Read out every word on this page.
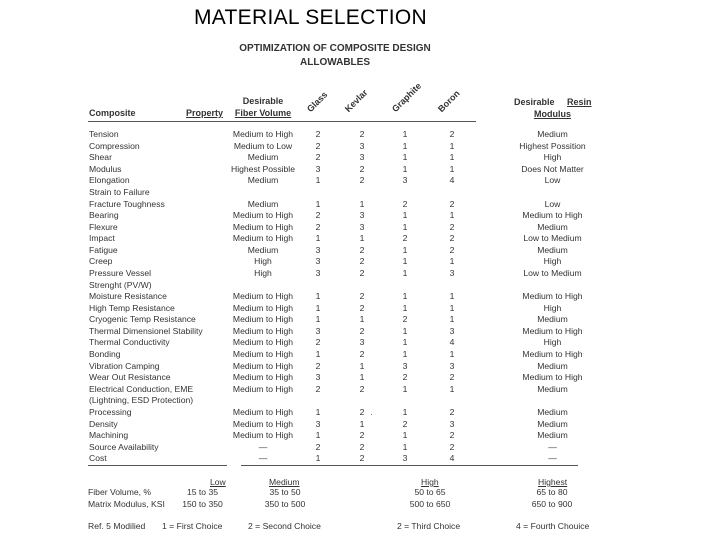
MATERIAL SELECTION
OPTIMIZATION OF COMPOSITE DESIGN
ALLOWABLES
Composite	Property
Desirable
Fiber Volume	Glass Kevlar Graphite Boron	Desirable Resin
Modulus
Tension	Medium to High	2	2	1	2	Medium
Compression	Medium to Low	2	3	1	1	Highest Possition
Shear	Medium	2	3	1	1	High
Modulus	Highest Possible	3	2	1	1	Does Not Matter
Elongation	Medium	1	2	3	4	Low
Strain to Failure
Fracture Toughness	Medium	1	1	2	2	Low
Bearing	Medium to High	2	3	1	1	Medium to High
Flexure	Medium to High	2	3	1	2	Medium
Impact	Medium to High	1	1	2	2	Low to Medium
Fatigue	Medium	3	2	1	2	Medium
Creep	High	3	2	1	1	High
Pressure Vessel	High	3	2	1	3	Low to Medium
Strenght (PV/W)
Moisture Resistance	Medium to High	1	2	1	1	Medium to High
High Temp Resistance	Medium to High	1	2	1	1	High
Cryogenic Temp Resistance	Medium to High	1	1	2	1	Medium
Thermal Dimensionel Stability	Medium to High	3	2	1	3	Medium to High
Thermal Conductivity	Medium to High	2	3	1	4	High
Bonding	Medium to High	1	2	1	1	Medium to High
Vibration Camping	Medium to High	2	1	3	3	Medium
Wear Out Resistance	Medium to High	3	1	2	2	Medium to High
Electrical Conduction, EME	Medium to High	2	2	1	1	Medium
(Lightning, ESD Protection)
Processing	Medium to High	1	2	1	2	Medium
Density	Medium to High	3	1	2	3	Medium
Machining	Medium to High	1	2	1	2	Medium
Source Availability	—	2	2	1	2	—
Cost	—	1	2	3	4	—
Low	Medium	High	Highest
Fiber Volume, %	15 to 35	35 to 50	50 to 65	65 to 80
Matrix Modulus, KSI	150 to 350	350 to 500	500 to 650	650 to 900
Ref. 5 Modilied 1 = First Choice	2 = Second Choice	2 = Third Choice	4 = Fourth Chouice
